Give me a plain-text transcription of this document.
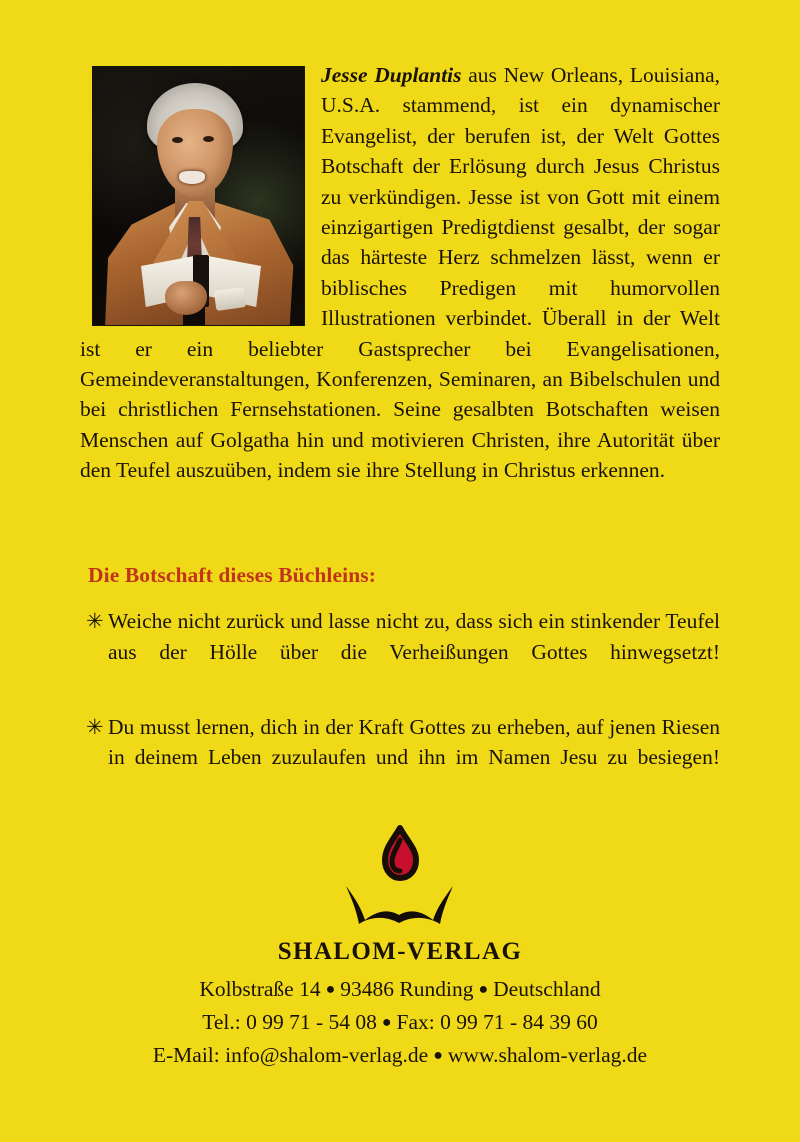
Jesse Duplantis aus New Orleans, Louisiana, U.S.A. stammend, ist ein dynamischer Evangelist, der berufen ist, der Welt Gottes Botschaft der Erlösung durch Jesus Christus zu verkündigen. Jesse ist von Gott mit einem einzigartigen Predigtdienst gesalbt, der sogar das härteste Herz schmelzen lässt, wenn er biblisches Predigen mit humorvollen Illustrationen verbindet. Überall in der Welt ist er ein beliebter Gastsprecher bei Evangelisationen, Gemeindeveranstaltungen, Konferenzen, Seminaren, an Bibelschulen und bei christlichen Fernsehstationen. Seine gesalbten Botschaften weisen Menschen auf Golgatha hin und motivieren Christen, ihre Autorität über den Teufel auszuüben, indem sie ihre Stellung in Christus erkennen.
Die Botschaft dieses Büchleins:
✳ Weiche nicht zurück und lasse nicht zu, dass sich ein stinkender Teufel aus der Hölle über die Verheißungen Gottes hinwegsetzt!
✳ Du musst lernen, dich in der Kraft Gottes zu erheben, auf jenen Riesen in deinem Leben zuzulaufen und ihn im Namen Jesu zu besiegen!
SHALOM-VERLAG
Kolbstraße 14 ● 93486 Runding ● Deutschland
Tel.: 0 99 71 - 54 08 ● Fax: 0 99 71 - 84 39 60
E-Mail: info@shalom-verlag.de ● www.shalom-verlag.de
